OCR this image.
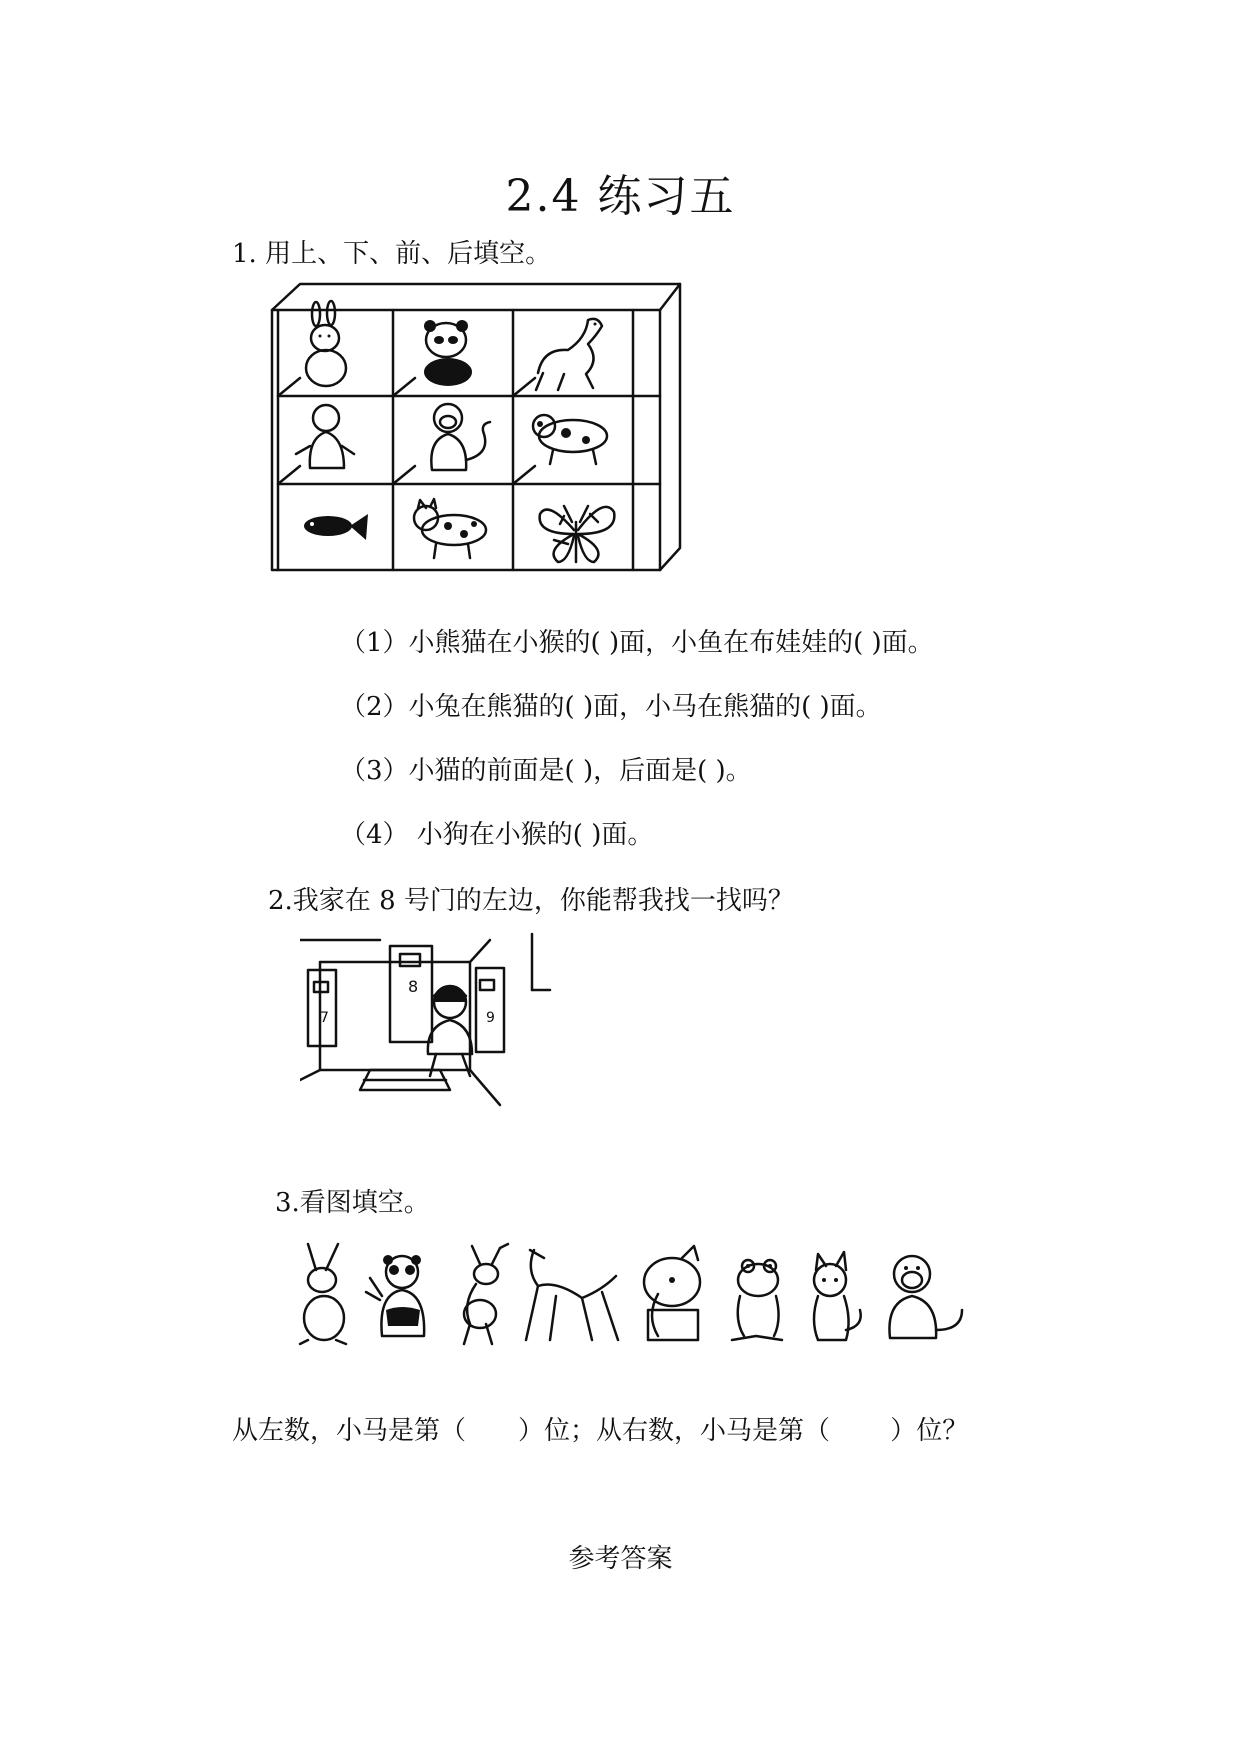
2.4 练习五
1. 用上、下、前、后填空。
（1）小熊猫在小猴的( )面，小鱼在布娃娃的( )面。
（2）小兔在熊猫的( )面，小马在熊猫的( )面。
（3）小猫的前面是( )，后面是( )。
（4） 小狗在小猴的( )面。
2.我家在 8 号门的左边，你能帮我找一找吗？
7
8
9
3.看图填空。
从左数，小马是第（　　）位；从右数，小马是第（　　 ）位？
参考答案
